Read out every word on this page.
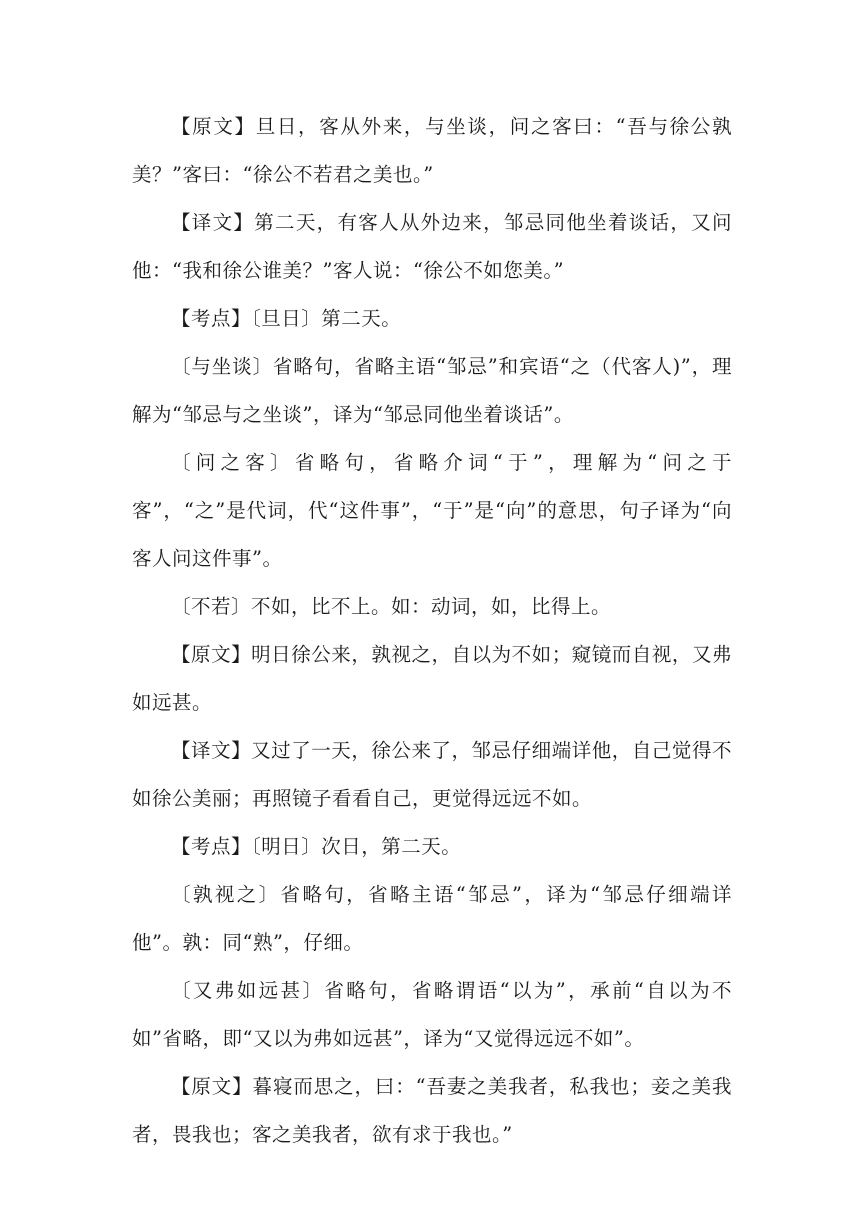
【原文】旦日，客从外来，与坐谈，问之客曰：“吾与徐公孰美？”客曰：“徐公不若君之美也。”

【译文】第二天，有客人从外边来，邹忌同他坐着谈话，又问他：“我和徐公谁美？”客人说：“徐公不如您美。”

【考点】〔旦日〕第二天。

〔与坐谈〕省略句，省略主语“邹忌”和宾语“之（代客人)”，理解为“邹忌与之坐谈”，译为“邹忌同他坐着谈话”。

〔问之客〕省略句，省略介词“于”，理解为“问之于客”，“之”是代词，代“这件事”，“于”是“向”的意思，句子译为“向客人问这件事”。

〔不若〕不如，比不上。如：动词，如，比得上。

【原文】明日徐公来，孰视之，自以为不如；窥镜而自视，又弗如远甚。

【译文】又过了一天，徐公来了，邹忌仔细端详他，自己觉得不如徐公美丽；再照镜子看看自己，更觉得远远不如。

【考点】〔明日〕次日，第二天。

〔孰视之〕省略句，省略主语“邹忌”，译为“邹忌仔细端详他”。孰：同“熟”，仔细。

〔又弗如远甚〕省略句，省略谓语“以为”，承前“自以为不如”省略，即“又以为弗如远甚”，译为“又觉得远远不如”。

【原文】暮寝而思之，曰：“吾妻之美我者，私我也；妾之美我者，畏我也；客之美我者，欲有求于我也。”
